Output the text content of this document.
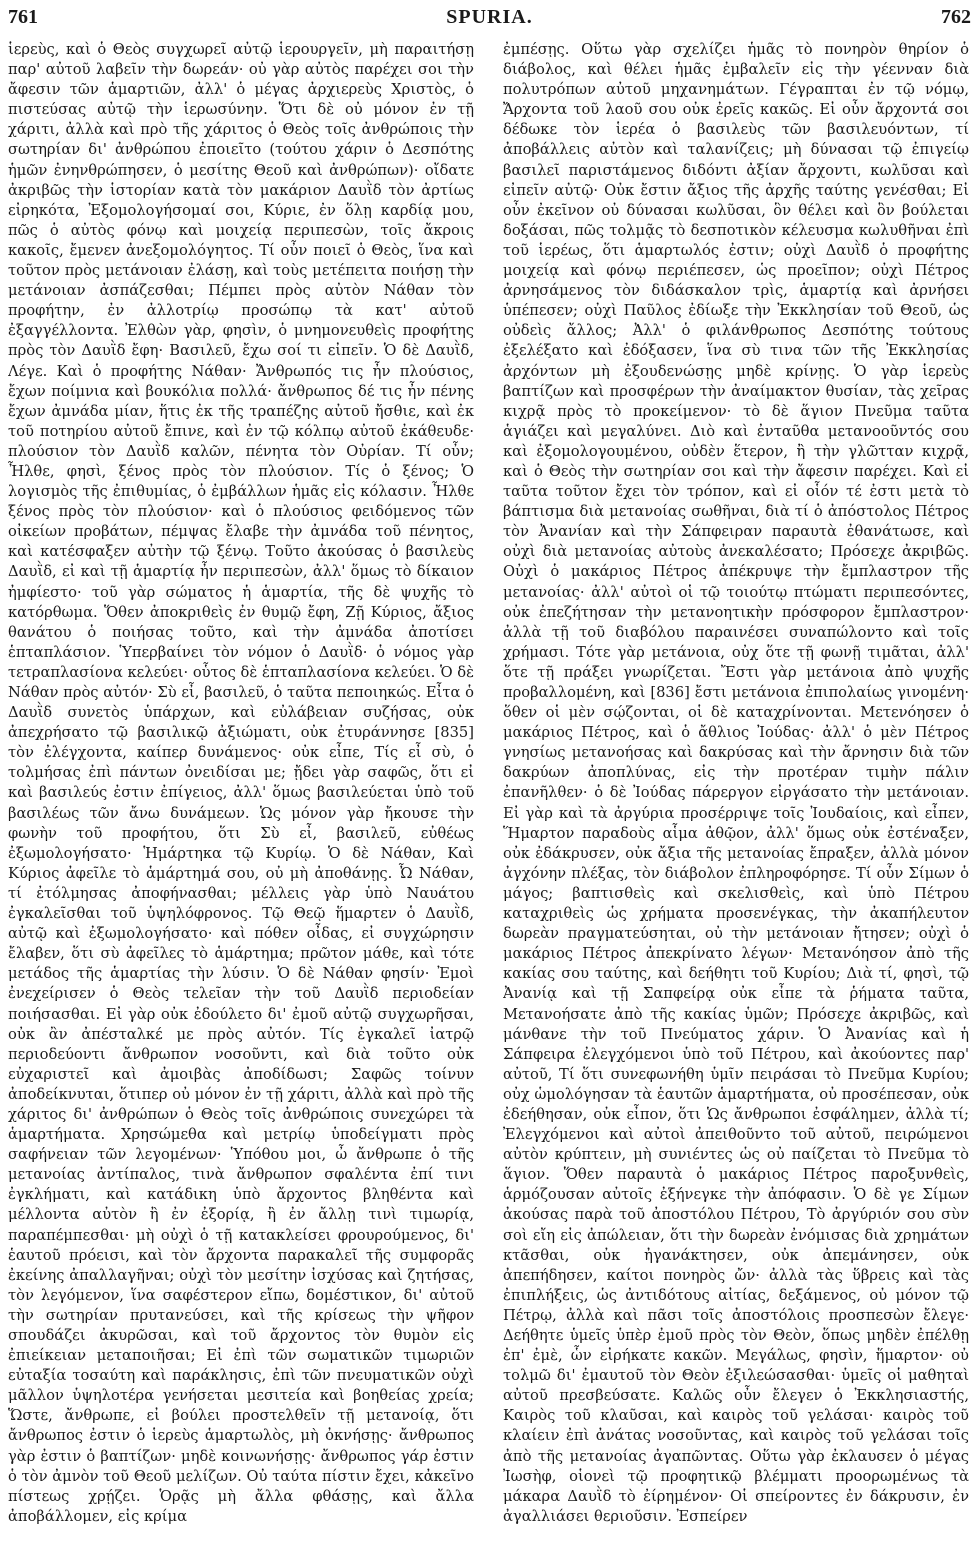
761	SPURIA.	762

ἱερεὺς, καὶ ὁ Θεὸς συγχωρεῖ αὐτῷ ἱερουργεῖν, μὴ παραιτήσῃ παρ' αὐτοῦ λαβεῖν τὴν δωρεάν· οὐ γὰρ αὐτὸς παρέχει σοι τὴν ἄφεσιν τῶν ἁμαρτιῶν, ἀλλ' ὁ μέγας ἀρχιερεὺς Χριστὸς, ὁ πιστεύσας αὐτῷ τὴν ἱερωσύνην. Ὅτι δὲ οὐ μόνον ἐν τῇ χάριτι, ἀλλὰ καὶ πρὸ τῆς χάριτος ὁ Θεὸς τοῖς ἀνθρώποις τὴν σωτηρίαν δι' ἀνθρώπου ἐποιεῖτο (τούτου χάριν ὁ Δεσπότης ἡμῶν ἐνηνθρώπησεν, ὁ μεσίτης Θεοῦ καὶ ἀνθρώπων)· οἴδατε ἀκριβῶς τὴν ἱστορίαν κατὰ τὸν μακάριον Δαυῒδ τὸν ἀρτίως εἰρηκότα, Ἐξομολογήσομαί σοι, Κύριε, ἐν ὅλῃ καρδίᾳ μου, πῶς ὁ αὐτὸς φόνῳ καὶ μοιχείᾳ περιπεσὼν, τοῖς ἄκροις κακοῖς, ἔμενεν ἀνεξομολόγητος. Τί οὖν ποιεῖ ὁ Θεὸς, ἵνα καὶ τοῦτον πρὸς μετάνοιαν ἐλάσῃ, καὶ τοὺς μετέπειτα ποιήσῃ τὴν μετάνοιαν ἀσπάζεσθαι; Πέμπει πρὸς αὐτὸν Νάθαν τὸν προφήτην, ἐν ἀλλοτρίῳ προσώπῳ τὰ κατ' αὐτοῦ ἐξαγγέλλοντα. Ἐλθὼν γὰρ, φησὶν, ὁ μνημονευθεὶς προφήτης πρὸς τὸν Δαυῒδ ἔφη· Βασιλεῦ, ἔχω σοί τι εἰπεῖν. Ὁ δὲ Δαυῒδ, Λέγε. Καὶ ὁ προφήτης Νάθαν· Ἄνθρωπός τις ἦν πλούσιος, ἔχων ποίμνια καὶ βουκόλια πολλά· ἄνθρωπος δέ τις ἦν πένης ἔχων ἀμνάδα μίαν, ἥτις ἐκ τῆς τραπέζης αὐτοῦ ἤσθιε, καὶ ἐκ τοῦ ποτηρίου αὐτοῦ ἔπινε, καὶ ἐν τῷ κόλπῳ αὐτοῦ ἐκάθευδε· πλούσιον τὸν Δαυῒδ καλῶν, πένητα τὸν Οὐρίαν. Τί οὖν; Ἦλθε, φησὶ, ξένος πρὸς τὸν πλούσιον. Τίς ὁ ξένος; Ὁ λογισμὸς τῆς ἐπιθυμίας, ὁ ἐμβάλλων ἡμᾶς εἰς κόλασιν. Ἦλθε ξένος πρὸς τὸν πλούσιον· καὶ ὁ πλούσιος φειδόμενος τῶν οἰκείων προβάτων, πέμψας ἔλαβε τὴν ἀμνάδα τοῦ πένητος, καὶ κατέσφαξεν αὐτὴν τῷ ξένῳ. Τοῦτο ἀκούσας ὁ βασιλεὺς Δαυῒδ, εἰ καὶ τῇ ἁμαρτίᾳ ἦν περιπεσὼν, ἀλλ' ὅμως τὸ δίκαιον ἠμφίεστο· τοῦ γὰρ σώματος ἡ ἁμαρτία, τῆς δὲ ψυχῆς τὸ κατόρθωμα. Ὅθεν ἀποκριθεὶς ἐν θυμῷ ἔφη, Ζῇ Κύριος, ἄξιος θανάτου ὁ ποιήσας τοῦτο, καὶ τὴν ἀμνάδα ἀποτίσει ἑπταπλάσιον. Ὑπερβαίνει τὸν νόμον ὁ Δαυῒδ· ὁ νόμος γὰρ τετραπλασίονα κελεύει· οὗτος δὲ ἑπταπλασίονα κελεύει. Ὁ δὲ Νάθαν πρὸς αὐτόν· Σὺ εἶ, βασιλεῦ, ὁ ταῦτα πεποιηκώς. Εἶτα ὁ Δαυῒδ συνετὸς ὑπάρχων, καὶ εὐλάβειαν συζήσας, οὐκ ἀπεχρήσατο τῷ βασιλικῷ ἀξιώματι, οὐκ ἐτυράννησε [835] τὸν ἐλέγχοντα, καίπερ δυνάμενος· οὐκ εἶπε, Τίς εἶ σὺ, ὁ τολμήσας ἐπὶ πάντων ὀνειδίσαι με; ᾔδει γὰρ σαφῶς, ὅτι εἰ καὶ βασιλεύς ἐστιν ἐπίγειος, ἀλλ' ὅμως βασιλεύεται ὑπὸ τοῦ βασιλέως τῶν ἄνω δυνάμεων. Ὡς μόνον γὰρ ἤκουσε τὴν φωνὴν τοῦ προφήτου, ὅτι Σὺ εἶ, βασιλεῦ, εὐθέως ἐξωμολογήσατο· Ἡμάρτηκα τῷ Κυρίῳ. Ὁ δὲ Νάθαν, Καὶ Κύριος ἀφεῖλε τὸ ἁμάρτημά σου, οὐ μὴ ἀποθάνῃς. Ὦ Νάθαν, τί ἐτόλμησας ἀποφήνασθαι; μέλλεις γὰρ ὑπὸ Ναυάτου ἐγκαλεῖσθαι τοῦ ὑψηλόφρονος. Τῷ Θεῷ ἥμαρτεν ὁ Δαυῒδ, αὐτῷ καὶ ἐξωμολογήσατο· καὶ πόθεν οἶδας, εἰ συγχώρησιν ἔλαβεν, ὅτι σὺ ἀφεῖλες τὸ ἁμάρτημα; πρῶτον μάθε, καὶ τότε μετάδος τῆς ἁμαρτίας τὴν λύσιν. Ὁ δὲ Νάθαν φησίν· Ἐμοὶ ἐνεχείρισεν ὁ Θεὸς τελεῖαν τὴν τοῦ Δαυῒδ περιοδείαν ποιήσασθαι. Εἰ γὰρ οὐκ ἐδούλετο δι' ἐμοῦ αὐτῷ συγχωρῆσαι, οὐκ ἂν ἀπέσταλκέ με πρὸς αὐτόν. Τίς ἐγκαλεῖ ἰατρῷ περιοδεύοντι ἄνθρωπον νοσοῦντι, καὶ διὰ τοῦτο οὐκ εὐχαριστεῖ καὶ ἀμοιβὰς ἀποδίδωσι; Σαφῶς τοίνυν ἀποδείκνυται, ὅτιπερ οὐ μόνον ἐν τῇ χάριτι, ἀλλὰ καὶ πρὸ τῆς χάριτος δι' ἀνθρώπων ὁ Θεὸς τοῖς ἀνθρώποις συνεχώρει τὰ ἁμαρτήματα. Χρησώμεθα καὶ μετρίῳ ὑποδείγματι πρὸς σαφήνειαν τῶν λεγομένων· Ὑπόθου μοι, ὦ ἄνθρωπε ὁ τῆς μετανοίας ἀντίπαλος, τινὰ ἄνθρωπον σφαλέντα ἐπί τινι ἐγκλήματι, καὶ κατάδικη ὑπὸ ἄρχοντος βληθέντα καὶ μέλλοντα αὐτὸν ἢ ἐν ἐξορίᾳ, ἢ ἐν ἄλλῃ τινὶ τιμωρίᾳ, παραπέμπεσθαι· μὴ οὐχὶ ὁ τῇ κατακλείσει φρουρούμενος, δι' ἑαυτοῦ πρόεισι, καὶ τὸν ἄρχοντα παρακαλεῖ τῆς συμφορᾶς ἐκείνης ἀπαλλαγῆναι; οὐχὶ τὸν μεσίτην ἰσχύσας καὶ ζητήσας, τὸν λεγόμενον, ἵνα σαφέστερον εἴπω, δομέστικον, δι' αὐτοῦ τὴν σωτηρίαν πρυτανεύσει, καὶ τῆς κρίσεως τὴν ψῆφον σπουδάζει ἀκυρῶσαι, καὶ τοῦ ἄρχοντος τὸν θυμὸν εἰς ἐπιείκειαν μεταποιῆσαι; Εἰ ἐπὶ τῶν σωματικῶν τιμωριῶν εὐταξία τοσαύτη καὶ παράκλησις, ἐπὶ τῶν πνευματικῶν οὐχὶ μᾶλλον ὑψηλοτέρα γενήσεται μεσιτεία καὶ βοηθείας χρεία; Ὥστε, ἄνθρωπε, εἰ βούλει προστελθεῖν τῇ μετανοίᾳ, ὅτι ἄνθρωπος ἐστιν ὁ ἱερεὺς ἁμαρτωλὸς, μὴ ὀκνήσῃς· ἄνθρωπος γὰρ ἐστιν ὁ βαπτίζων· μηδὲ κοινωνήσῃς· ἄνθρωπος γάρ ἐστιν ὁ τὸν ἀμνὸν τοῦ Θεοῦ μελίζων. Οὐ ταύτα πίστιν ἔχει, κἀκεῖνο πίστεως χρῄζει. Ὁρᾷς μὴ ἄλλα φθάσῃς, καὶ ἄλλα ἀποβάλλομεν, εἰς κρίμα

ἐμπέσῃς. Οὕτω γὰρ σχελίζει ἡμᾶς τὸ πονηρὸν θηρίον ὁ διάβολος, καὶ θέλει ἡμᾶς ἐμβαλεῖν εἰς τὴν γέενναν διὰ πολυτρόπων αὐτοῦ μηχανημάτων. Γέγραπται ἐν τῷ νόμῳ, Ἄρχοντα τοῦ λαοῦ σου οὐκ ἐρεῖς κακῶς. Εἰ οὖν ἄρχοντά σοι δέδωκε τὸν ἱερέα ὁ βασιλεὺς τῶν βασιλευόντων, τί ἀποβάλλεις αὐτὸν καὶ ταλανίζεις; μὴ δύνασαι τῷ ἐπιγείῳ βασιλεῖ παριστάμενος διδόντι ἀξίαν ἄρχοντι, κωλῦσαι καὶ εἰπεῖν αὐτῷ· Οὐκ ἔστιν ἄξιος τῆς ἀρχῆς ταύτης γενέσθαι; Εἰ οὖν ἐκεῖνον οὐ δύνασαι κωλῦσαι, ὃν θέλει καὶ ὃν βούλεται δοξάσαι, πῶς τολμᾷς τὸ δεσποτικὸν κέλευσμα κωλυθῆναι ἐπὶ τοῦ ἱερέως, ὅτι ἁμαρτωλός ἐστιν; οὐχὶ Δαυῒδ ὁ προφήτης μοιχείᾳ καὶ φόνῳ περιέπεσεν, ὡς προεῖπον; οὐχὶ Πέτρος ἀρνησάμενος τὸν διδάσκαλον τρὶς, ἁμαρτίᾳ καὶ ἀρνήσει ὑπέπεσεν; οὐχὶ Παῦλος ἐδίωξε τὴν Ἐκκλησίαν τοῦ Θεοῦ, ὡς οὐδεὶς ἄλλος; Ἀλλ' ὁ φιλάνθρωπος Δεσπότης τούτους ἐξελέξατο καὶ ἐδόξασεν, ἵνα σὺ τινα τῶν τῆς Ἐκκλησίας ἀρχόντων μὴ ἐξουδενώσῃς μηδὲ κρίνῃς. Ὁ γὰρ ἱερεὺς βαπτίζων καὶ προσφέρων τὴν ἀναίμακτον θυσίαν, τὰς χεῖρας κιχρᾷ πρὸς τὸ προκείμενον· τὸ δὲ ἅγιον Πνεῦμα ταῦτα ἁγιάζει καὶ μεγαλύνει. Διὸ καὶ ἐνταῦθα μετανοοῦντός σου καὶ ἐξομολογουμένου, οὐδὲν ἕτερον, ἢ τὴν γλῶτταν κιχρᾷ, καὶ ὁ Θεὸς τὴν σωτηρίαν σοι καὶ τὴν ἄφεσιν παρέχει. Καὶ εἰ ταῦτα τοῦτον ἔχει τὸν τρόπον, καὶ εἰ οἷόν τέ ἐστι μετὰ τὸ βάπτισμα διὰ μετανοίας σωθῆναι, διὰ τί ὁ ἀπόστολος Πέτρος τὸν Ἀνανίαν καὶ τὴν Σάπφειραν παραυτὰ ἐθανάτωσε, καὶ οὐχὶ διὰ μετανοίας αὐτοὺς ἀνεκαλέσατο; Πρόσεχε ἀκριβῶς. Οὐχὶ ὁ μακάριος Πέτρος ἀπέκρυψε τὴν ἔμπλαστρον τῆς μετανοίας· ἀλλ' αὐτοὶ οἱ τῷ τοιούτῳ πτώματι περιπεσόντες, οὐκ ἐπεζήτησαν τὴν μετανοητικὴν πρόσφορον ἔμπλαστρον· ἀλλὰ τῇ τοῦ διαβόλου παραινέσει συναπώλοντο καὶ τοῖς χρήμασι. Τότε γὰρ μετάνοια, οὐχ ὅτε τῇ φωνῇ τιμᾶται, ἀλλ' ὅτε τῇ πράξει γνωρίζεται. Ἔστι γὰρ μετάνοια ἀπὸ ψυχῆς προβαλλομένη, καὶ [836] ἔστι μετάνοια ἐπιπολαίως γινομένη· ὅθεν οἱ μὲν σῴζονται, οἱ δὲ καταχρίνονται. Μετενόησεν ὁ μακάριος Πέτρος, καὶ ὁ ἄθλιος Ἰούδας· ἀλλ' ὁ μὲν Πέτρος γνησίως μετανοήσας καὶ δακρύσας καὶ τὴν ἄρνησιν διὰ τῶν δακρύων ἀποπλύνας, εἰς τὴν προτέραν τιμὴν πάλιν ἐπανῆλθεν· ὁ δὲ Ἰούδας πάρεργον εἰργάσατο τὴν μετάνοιαν. Εἰ γὰρ καὶ τὰ ἀργύρια προσέρριψε τοῖς Ἰουδαίοις, καὶ εἶπεν, Ἥμαρτον παραδοὺς αἷμα ἀθῷον, ἀλλ' ὅμως οὐκ ἐστέναξεν, οὐκ ἐδάκρυσεν, οὐκ ἄξια τῆς μετανοίας ἔπραξεν, ἀλλὰ μόνον ἀγχόνην πλέξας, τὸν διάβολον ἐπληροφόρησε. Τί οὖν Σίμων ὁ μάγος; βαπτισθεὶς καὶ σκελισθεὶς, καὶ ὑπὸ Πέτρου καταχριθεὶς ὡς χρήματα προσενέγκας, τὴν ἀκαπήλευτον δωρεὰν πραγματεύσηται, οὐ τὴν μετάνοιαν ἤτησεν; οὐχὶ ὁ μακάριος Πέτρος ἀπεκρίνατο λέγων· Μετανόησον ἀπὸ τῆς κακίας σου ταύτης, καὶ δεήθητι τοῦ Κυρίου; Διὰ τί, φησὶ, τῷ Ἀνανίᾳ καὶ τῇ Σαπφείρᾳ οὐκ εἶπε τὰ ῥήματα ταῦτα, Μετανοήσατε ἀπὸ τῆς κακίας ὑμῶν; Πρόσεχε ἀκριβῶς, καὶ μάνθανε τὴν τοῦ Πνεύματος χάριν. Ὁ Ἀνανίας καὶ ἡ Σάπφειρα ἐλεγχόμενοι ὑπὸ τοῦ Πέτρου, καὶ ἀκούοντες παρ' αὐτοῦ, Τί ὅτι συνεφωνήθη ὑμῖν πειράσαι τὸ Πνεῦμα Κυρίου; οὐχ ὡμολόγησαν τὰ ἑαυτῶν ἁμαρτήματα, οὐ προσέπεσαν, οὐκ ἐδεήθησαν, οὐκ εἶπον, ὅτι Ὡς ἄνθρωποι ἐσφάλημεν, ἀλλὰ τί; Ἐλεγχόμενοι καὶ αὐτοὶ ἀπειθοῦντο τοῦ αὐτοῦ, πειρώμενοι αὐτὸν κρύπτειν, μὴ συνιέντες ὡς οὐ παίζεται τὸ Πνεῦμα τὸ ἅγιον. Ὅθεν παραυτὰ ὁ μακάριος Πέτρος παροξυνθεὶς, ἁρμόζουσαν αὐτοῖς ἐξήνεγκε τὴν ἀπόφασιν. Ὁ δὲ γε Σίμων ἀκούσας παρὰ τοῦ ἀποστόλου Πέτρου, Τὸ ἀργύριόν σου σὺν σοὶ εἴη εἰς ἀπώλειαν, ὅτι τὴν δωρεὰν ἐνόμισας διὰ χρημάτων κτᾶσθαι, οὐκ ἠγανάκτησεν, οὐκ ἀπεμάνησεν, οὐκ ἀπεπήδησεν, καίτοι πονηρὸς ὤν· ἀλλὰ τὰς ὕβρεις καὶ τὰς ἐπιπλήξεις, ὡς ἀντιδότους αἰτίας, δεξάμενος, οὐ μόνον τῷ Πέτρῳ, ἀλλὰ καὶ πᾶσι τοῖς ἀποστόλοις προσπεσὼν ἔλεγε· Δεήθητε ὑμεῖς ὑπὲρ ἐμοῦ πρὸς τὸν Θεὸν, ὅπως μηδὲν ἐπέλθῃ ἐπ' ἐμὲ, ὧν εἰρήκατε κακῶν. Μεγάλως, φησὶν, ἥμαρτον· οὐ τολμῶ δι' ἐμαυτοῦ τὸν Θεὸν ἐξιλεώσασθαι· ὑμεῖς οἱ μαθηταὶ αὐτοῦ πρεσβεύσατε. Καλῶς οὖν ἔλεγεν ὁ Ἐκκλησιαστής, Καιρὸς τοῦ κλαῦσαι, καὶ καιρὸς τοῦ γελάσαι· καιρὸς τοῦ κλαίειν ἐπὶ ἀνάτας νοσοῦντας, καὶ καιρὸς τοῦ γελάσαι τοῖς ἀπὸ τῆς μετανοίας ἀγαπῶντας. Οὕτω γὰρ ἐκλαυσεν ὁ μέγας Ἰωσὴφ, οἱονεὶ τῷ προφητικῷ βλέμματι προορωμένως τὰ μάκαρα Δαυῒδ τὸ ἐίρημένον· Οἱ σπείροντες ἐν δάκρυσιν, ἐν ἀγαλλιάσει θεριοῦσιν. Ἐσπείρεν
